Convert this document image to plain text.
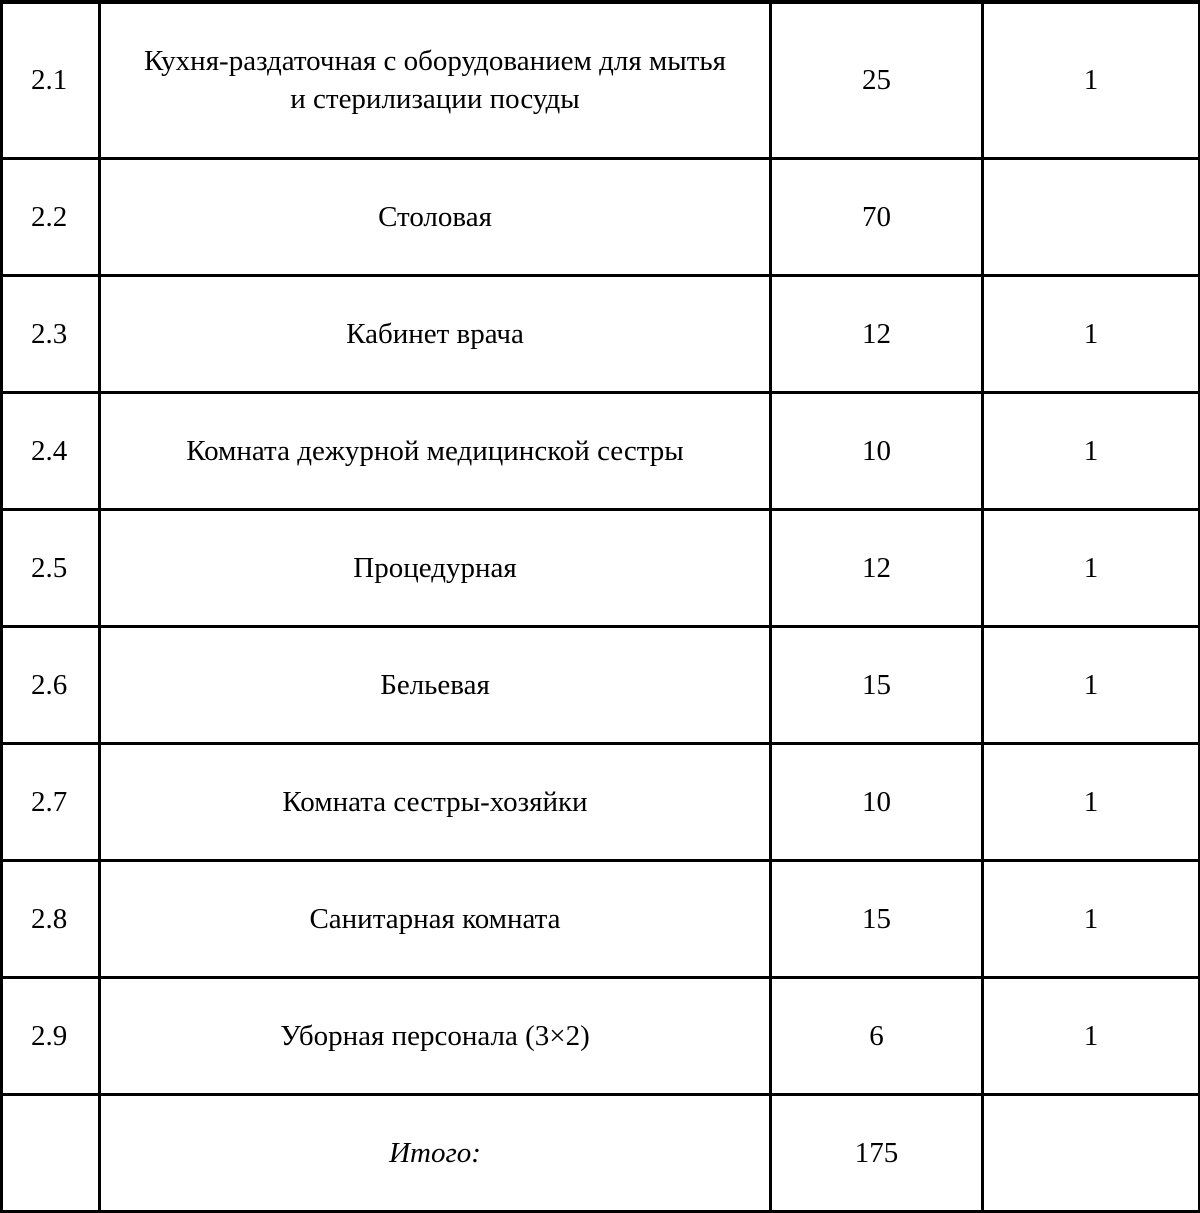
2.1	Кухня-раздаточная с оборудованием для мытья и стерилизации посуды	25	1
2.2	Столовая	70	
2.3	Кабинет врача	12	1
2.4	Комната дежурной медицинской сестры	10	1
2.5	Процедурная	12	1
2.6	Бельевая	15	1
2.7	Комната сестры-хозяйки	10	1
2.8	Санитарная комната	15	1
2.9	Уборная персонала (3×2)	6	1
	Итого:	175	
